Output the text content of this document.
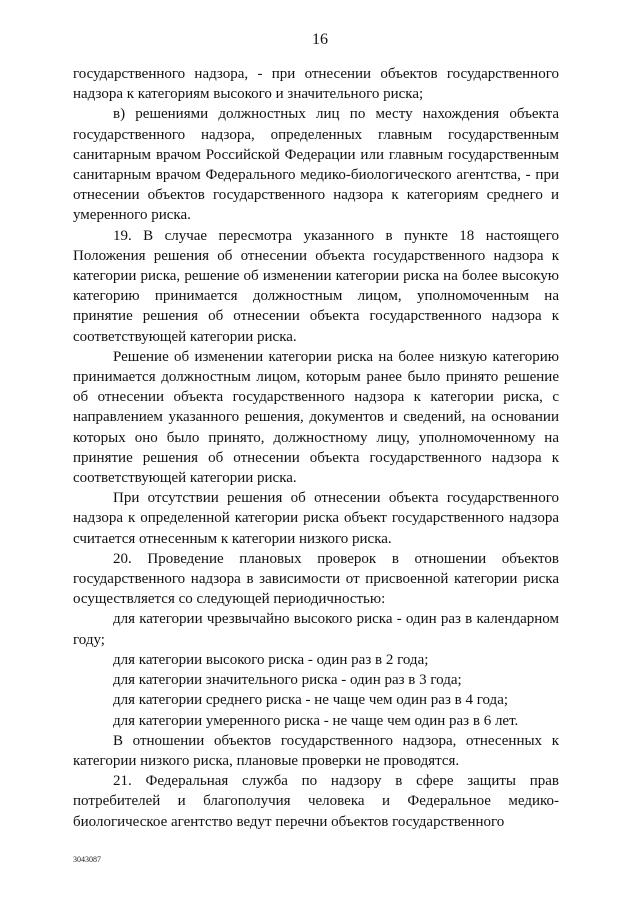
16

государственного надзора, - при отнесении объектов государственного надзора к категориям высокого и значительного риска;

в) решениями должностных лиц по месту нахождения объекта государственного надзора, определенных главным государственным санитарным врачом Российской Федерации или главным государственным санитарным врачом Федерального медико-биологического агентства, - при отнесении объектов государственного надзора к категориям среднего и умеренного риска.

19. В случае пересмотра указанного в пункте 18 настоящего Положения решения об отнесении объекта государственного надзора к категории риска, решение об изменении категории риска на более высокую категорию принимается должностным лицом, уполномоченным на принятие решения об отнесении объекта государственного надзора к соответствующей категории риска.

Решение об изменении категории риска на более низкую категорию принимается должностным лицом, которым ранее было принято решение об отнесении объекта государственного надзора к категории риска, с направлением указанного решения, документов и сведений, на основании которых оно было принято, должностному лицу, уполномоченному на принятие решения об отнесении объекта государственного надзора к соответствующей категории риска.

При отсутствии решения об отнесении объекта государственного надзора к определенной категории риска объект государственного надзора считается отнесенным к категории низкого риска.

20. Проведение плановых проверок в отношении объектов государственного надзора в зависимости от присвоенной категории риска осуществляется со следующей периодичностью:

для категории чрезвычайно высокого риска - один раз в календарном году;

для категории высокого риска - один раз в 2 года;

для категории значительного риска - один раз в 3 года;

для категории среднего риска - не чаще чем один раз в 4 года;

для категории умеренного риска - не чаще чем один раз в 6 лет.

В отношении объектов государственного надзора, отнесенных к категории низкого риска, плановые проверки не проводятся.

21. Федеральная служба по надзору в сфере защиты прав потребителей и благополучия человека и Федеральное медико-биологическое агентство ведут перечни объектов государственного

3043087
